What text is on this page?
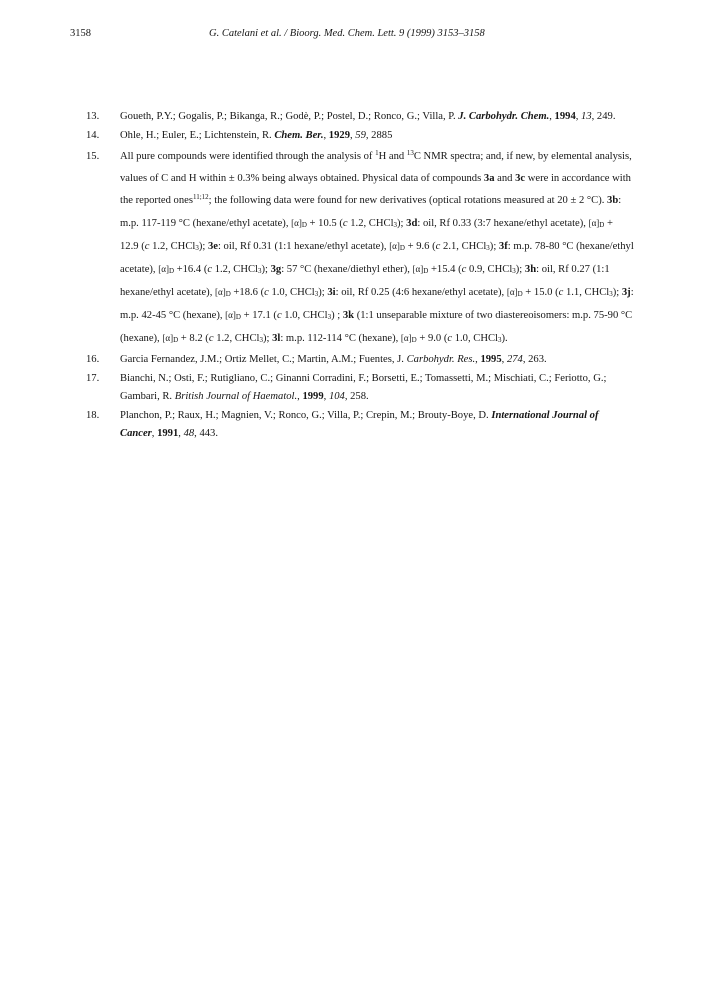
3158	G. Catelani et al. / Bioorg. Med. Chem. Lett. 9 (1999) 3153–3158
13. Goueth, P.Y.; Gogalis, P.; Bikanga, R.; Godè, P.; Postel, D.; Ronco, G.; Villa, P. J. Carbohydr. Chem., 1994, 13, 249.
14. Ohle, H.; Euler, E.; Lichtenstein, R. Chem. Ber., 1929, 59, 2885
15. All pure compounds were identified through the analysis of $^1$H and $^{13}$C NMR spectra; and, if new, by elemental analysis, values of C and H within ± 0.3% being always obtained. Physical data of compounds 3a and 3c were in accordance with the reported ones$^{11;12}$; the following data were found for new derivatives (optical rotations measured at 20 ± 2 °C). 3b: m.p. 117-119 °C (hexane/ethyl acetate), $[\alpha]_D + 10.5$ (c 1.2, CHCl$_3$); 3d: oil, Rf 0.33 (3:7 hexane/ethyl acetate), $[\alpha]_D + 12.9$ (c 1.2, CHCl$_3$); 3e: oil, Rf 0.31 (1:1 hexane/ethyl acetate), $[\alpha]_D + 9.6$ (c 2.1, CHCl$_3$); 3f: m.p. 78-80 °C (hexane/ethyl acetate), $[\alpha]_D +16.4$ (c 1.2, CHCl$_3$); 3g: 57 °C (hexane/diethyl ether), $[\alpha]_D +15.4$ (c 0.9, CHCl$_3$); 3h: oil, Rf 0.27 (1:1 hexane/ethyl acetate), $[\alpha]_D +18.6$ (c 1.0, CHCl$_3$); 3i: oil, Rf 0.25 (4:6 hexane/ethyl acetate), $[\alpha]_D + 15.0$ (c 1.1, CHCl$_3$); 3j: m.p. 42-45 °C (hexane), $[\alpha]_D + 17.1$ (c 1.0, CHCl$_3$) ; 3k (1:1 unseparable mixture of two diastereoisomers: m.p. 75-90 °C (hexane), $[\alpha]_D + 8.2$ (c 1.2, CHCl$_3$); 3l: m.p. 112-114 °C (hexane), $[\alpha]_D + 9.0$ (c 1.0, CHCl$_3$).
16. Garcia Fernandez, J.M.; Ortiz Mellet, C.; Martin, A.M.; Fuentes, J. Carbohydr. Res., 1995, 274, 263.
17. Bianchi, N.; Osti, F.; Rutigliano, C.; Ginanni Corradini, F.; Borsetti, E.; Tomassetti, M.; Mischiati, C.; Feriotto, G.; Gambari, R. British Journal of Haematol., 1999, 104, 258.
18. Planchon, P.; Raux, H.; Magnien, V.; Ronco, G.; Villa, P.; Crepin, M.; Brouty-Boye, D. International Journal of Cancer, 1991, 48, 443.
